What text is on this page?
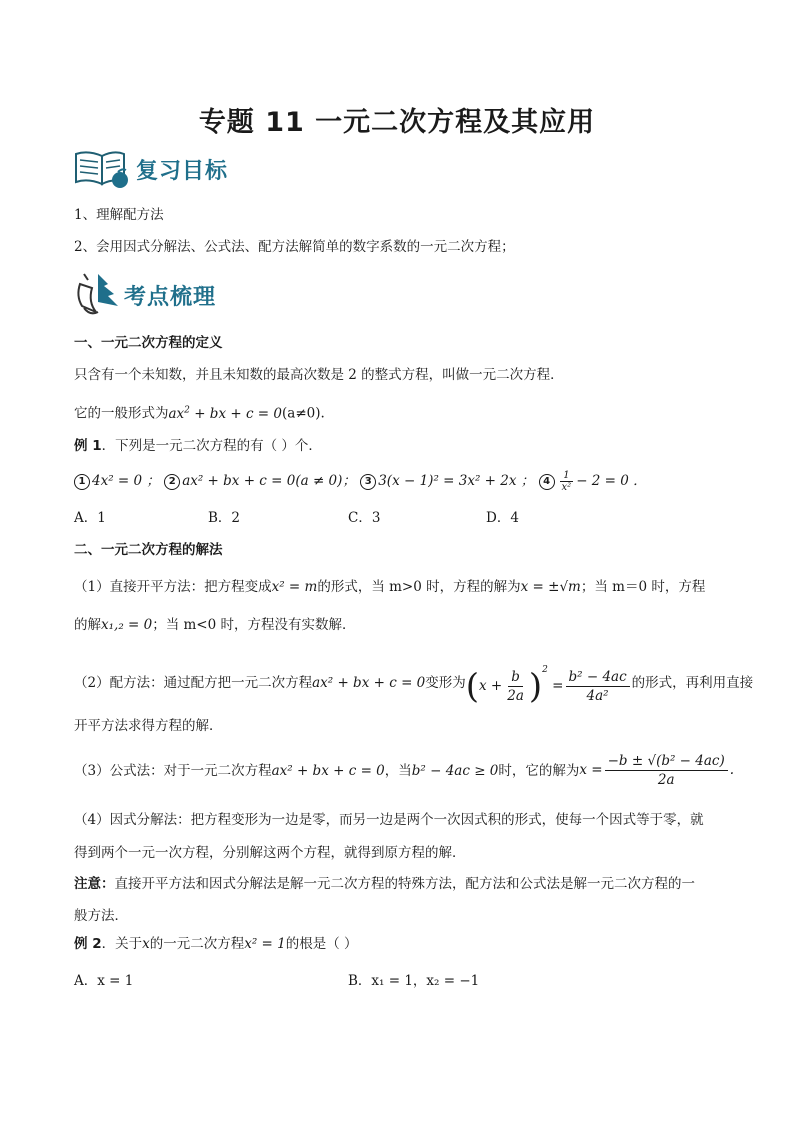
专题 11 一元二次方程及其应用
复习目标
1、理解配方法
2、会用因式分解法、公式法、配方法解简单的数字系数的一元二次方程；
考点梳理
一、一元二次方程的定义
只含有一个未知数，并且未知数的最高次数是 2 的整式方程，叫做一元二次方程．
它的一般形式为$ax^2$ + bx + c = 0(a≠0).
例 1．下列是一元二次方程的有（ ）个．
1 4x² = 0 ； 2 ax² + bx + c = 0(a ≠ 0)； 3 3(x − 1)² = 3x² + 2x ； $4 \frac{1}{\text{x²}} - 2 = 0$ ．
A．1	B．2	C．3	D．4
二、一元二次方程的解法
（1）直接开平方法：把方程变成x² = m的形式，当 m>0 时，方程的解为x = ±√m；当 m＝0 时，方程
的解x₁,₂ = 0；当 m<0 时，方程没有实数解．
（2）配方法：通过配方把一元二次方程 ax² + bx + c = 0 变形为 $(x + \frac{b}{2a} )^2 = \frac{\text{b² − 4ac}}{\text{4a²}}$ 的形式，再利用直接
开平方法求得方程的解．
（3）公式法：对于一元二次方程 ax² + bx + c = 0 ，当 b² − 4ac ≥ 0 时，它的解为 $x = \frac{\text{−b ± √(b² − 4ac)}}{2a}$ .
（4）因式分解法：把方程变形为一边是零，而另一边是两个一次因式积的形式，使每一个因式等于零，就
得到两个一元一次方程，分别解这两个方程，就得到原方程的解．
注意：直接开平方法和因式分解法是解一元二次方程的特殊方法，配方法和公式法是解一元二次方程的一
般方法．
例 2．关于x的一元二次方程x² = 1的根是（ ）
A．x = 1	B．x₁ = 1，x₂ = −1
